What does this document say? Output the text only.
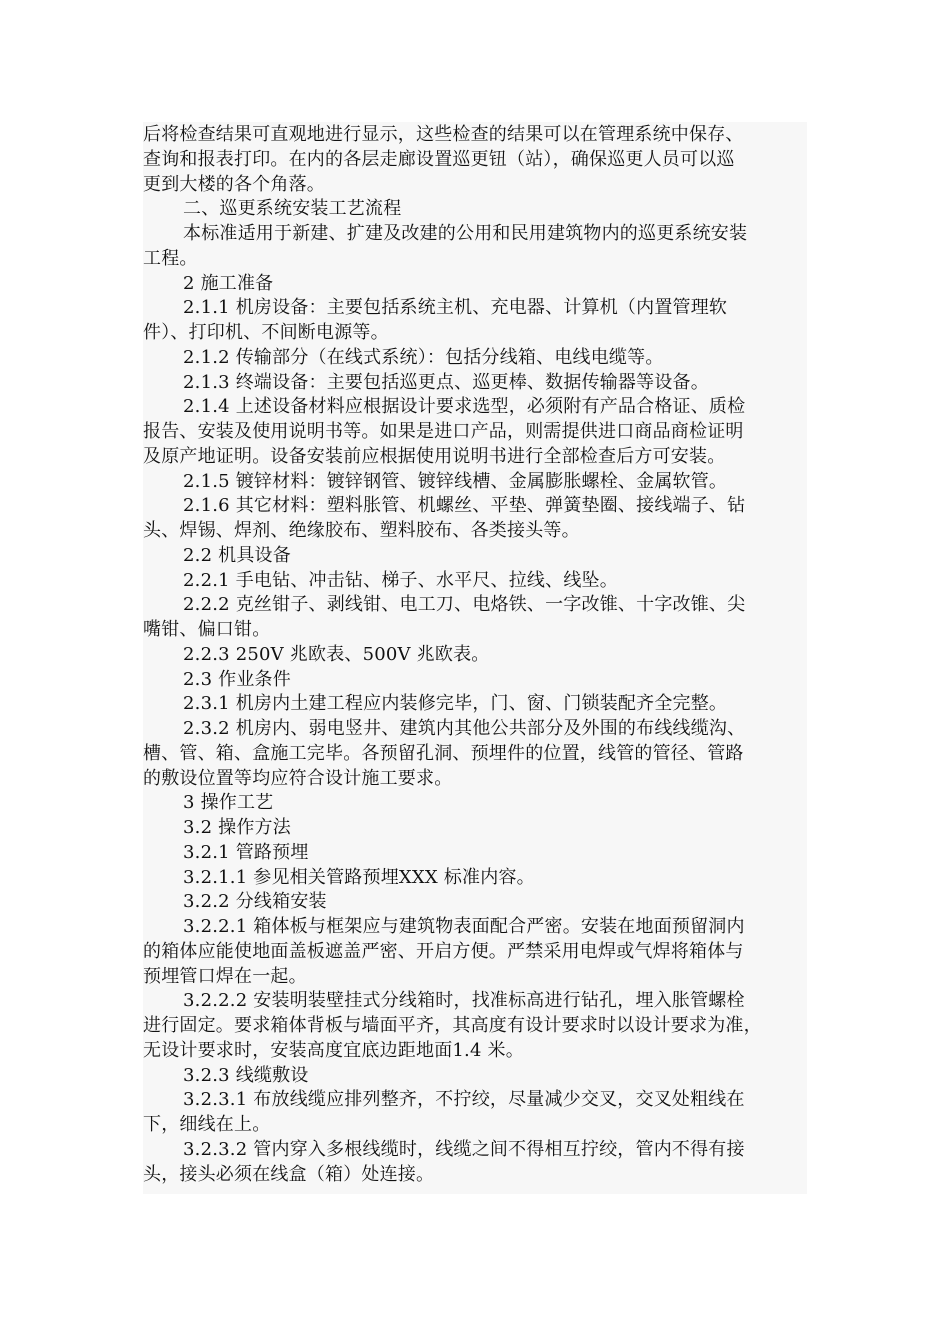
后将检查结果可直观地进行显示，这些检查的结果可以在管理系统中保存、
查询和报表打印。在内的各层走廊设置巡更钮（站），确保巡更人员可以巡
更到大楼的各个角落。
二、巡更系统安装工艺流程
本标准适用于新建、扩建及改建的公用和民用建筑物内的巡更系统安装
工程。
2 施工准备
2.1.1 机房设备：主要包括系统主机、充电器、计算机（内置管理软
件）、打印机、不间断电源等。
2.1.2 传输部分（在线式系统）：包括分线箱、电线电缆等。
2.1.3 终端设备：主要包括巡更点、巡更棒、数据传输器等设备。
2.1.4 上述设备材料应根据设计要求选型，必须附有产品合格证、质检
报告、安装及使用说明书等。如果是进口产品，则需提供进口商品商检证明
及原产地证明。设备安装前应根据使用说明书进行全部检查后方可安装。
2.1.5 镀锌材料：镀锌钢管、镀锌线槽、金属膨胀螺栓、金属软管。
2.1.6 其它材料：塑料胀管、机螺丝、平垫、弹簧垫圈、接线端子、钻
头、焊锡、焊剂、绝缘胶布、塑料胶布、各类接头等。
2.2 机具设备
2.2.1 手电钻、冲击钻、梯子、水平尺、拉线、线坠。
2.2.2 克丝钳子、剥线钳、电工刀、电烙铁、一字改锥、十字改锥、尖
嘴钳、偏口钳。
2.2.3 250V 兆欧表、500V 兆欧表。
2.3 作业条件
2.3.1 机房内土建工程应内装修完毕，门、窗、门锁装配齐全完整。
2.3.2 机房内、弱电竖井、建筑内其他公共部分及外围的布线线缆沟、
槽、管、箱、盒施工完毕。各预留孔洞、预埋件的位置，线管的管径、管路
的敷设位置等均应符合设计施工要求。
3 操作工艺
3.2 操作方法
3.2.1 管路预埋
3.2.1.1 参见相关管路预埋XXX 标准内容。
3.2.2 分线箱安装
3.2.2.1 箱体板与框架应与建筑物表面配合严密。安装在地面预留洞内
的箱体应能使地面盖板遮盖严密、开启方便。严禁采用电焊或气焊将箱体与
预埋管口焊在一起。
3.2.2.2 安装明装壁挂式分线箱时，找准标高进行钻孔，埋入胀管螺栓
进行固定。要求箱体背板与墙面平齐，其高度有设计要求时以设计要求为准，
无设计要求时，安装高度宜底边距地面1.4 米。
3.2.3 线缆敷设
3.2.3.1 布放线缆应排列整齐，不拧绞，尽量减少交叉，交叉处粗线在
下，细线在上。
3.2.3.2 管内穿入多根线缆时，线缆之间不得相互拧绞，管内不得有接
头，接头必须在线盒（箱）处连接。
